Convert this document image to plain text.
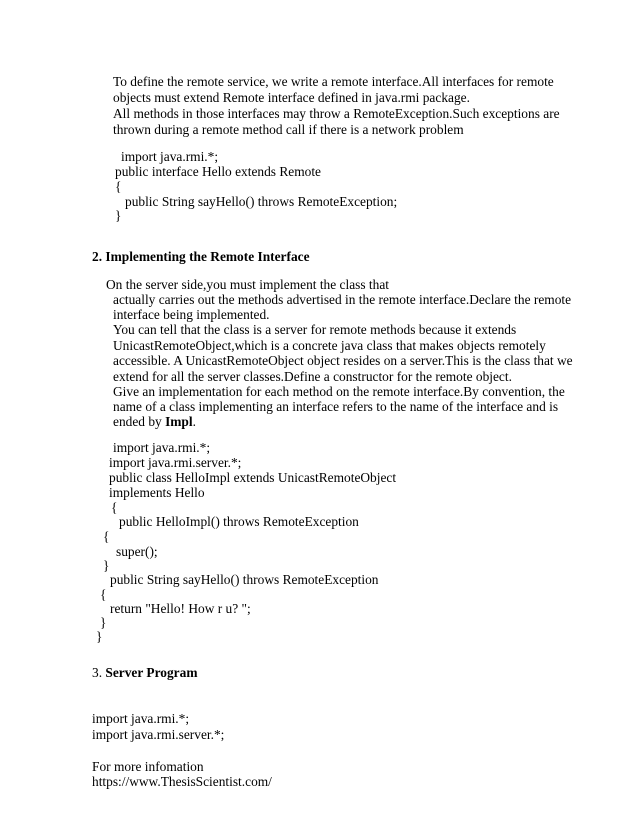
To define the remote service, we write a remote interface.All interfaces for remote
objects must extend Remote interface defined in java.rmi package.
All methods in those interfaces may throw a RemoteException.Such exceptions are
thrown during a remote method call if there is a network problem
import java.rmi.*;
public interface Hello extends Remote
{
public String sayHello() throws RemoteException;
}
2. Implementing the Remote Interface
On the server side,you must implement the class that
actually carries out the methods advertised in the remote interface.Declare the remote
interface being implemented.
You can tell that the class is a server for remote methods because it extends
UnicastRemoteObject,which is a concrete java class that makes objects remotely
accessible. A UnicastRemoteObject object resides on a server.This is the class that we
extend for all the server classes.Define a constructor for the remote object.
Give an implementation for each method on the remote interface.By convention, the
name of a class implementing an interface refers to the name of the interface and is
ended by Impl.
import java.rmi.*;
import java.rmi.server.*;
public class HelloImpl extends UnicastRemoteObject
implements Hello
{
public HelloImpl() throws RemoteException
{
super();
}
public String sayHello() throws RemoteException
{
return "Hello! How r u? ";
}
}
3. Server Program
import java.rmi.*;
import java.rmi.server.*;
For more infomation
https://www.ThesisScientist.com/
